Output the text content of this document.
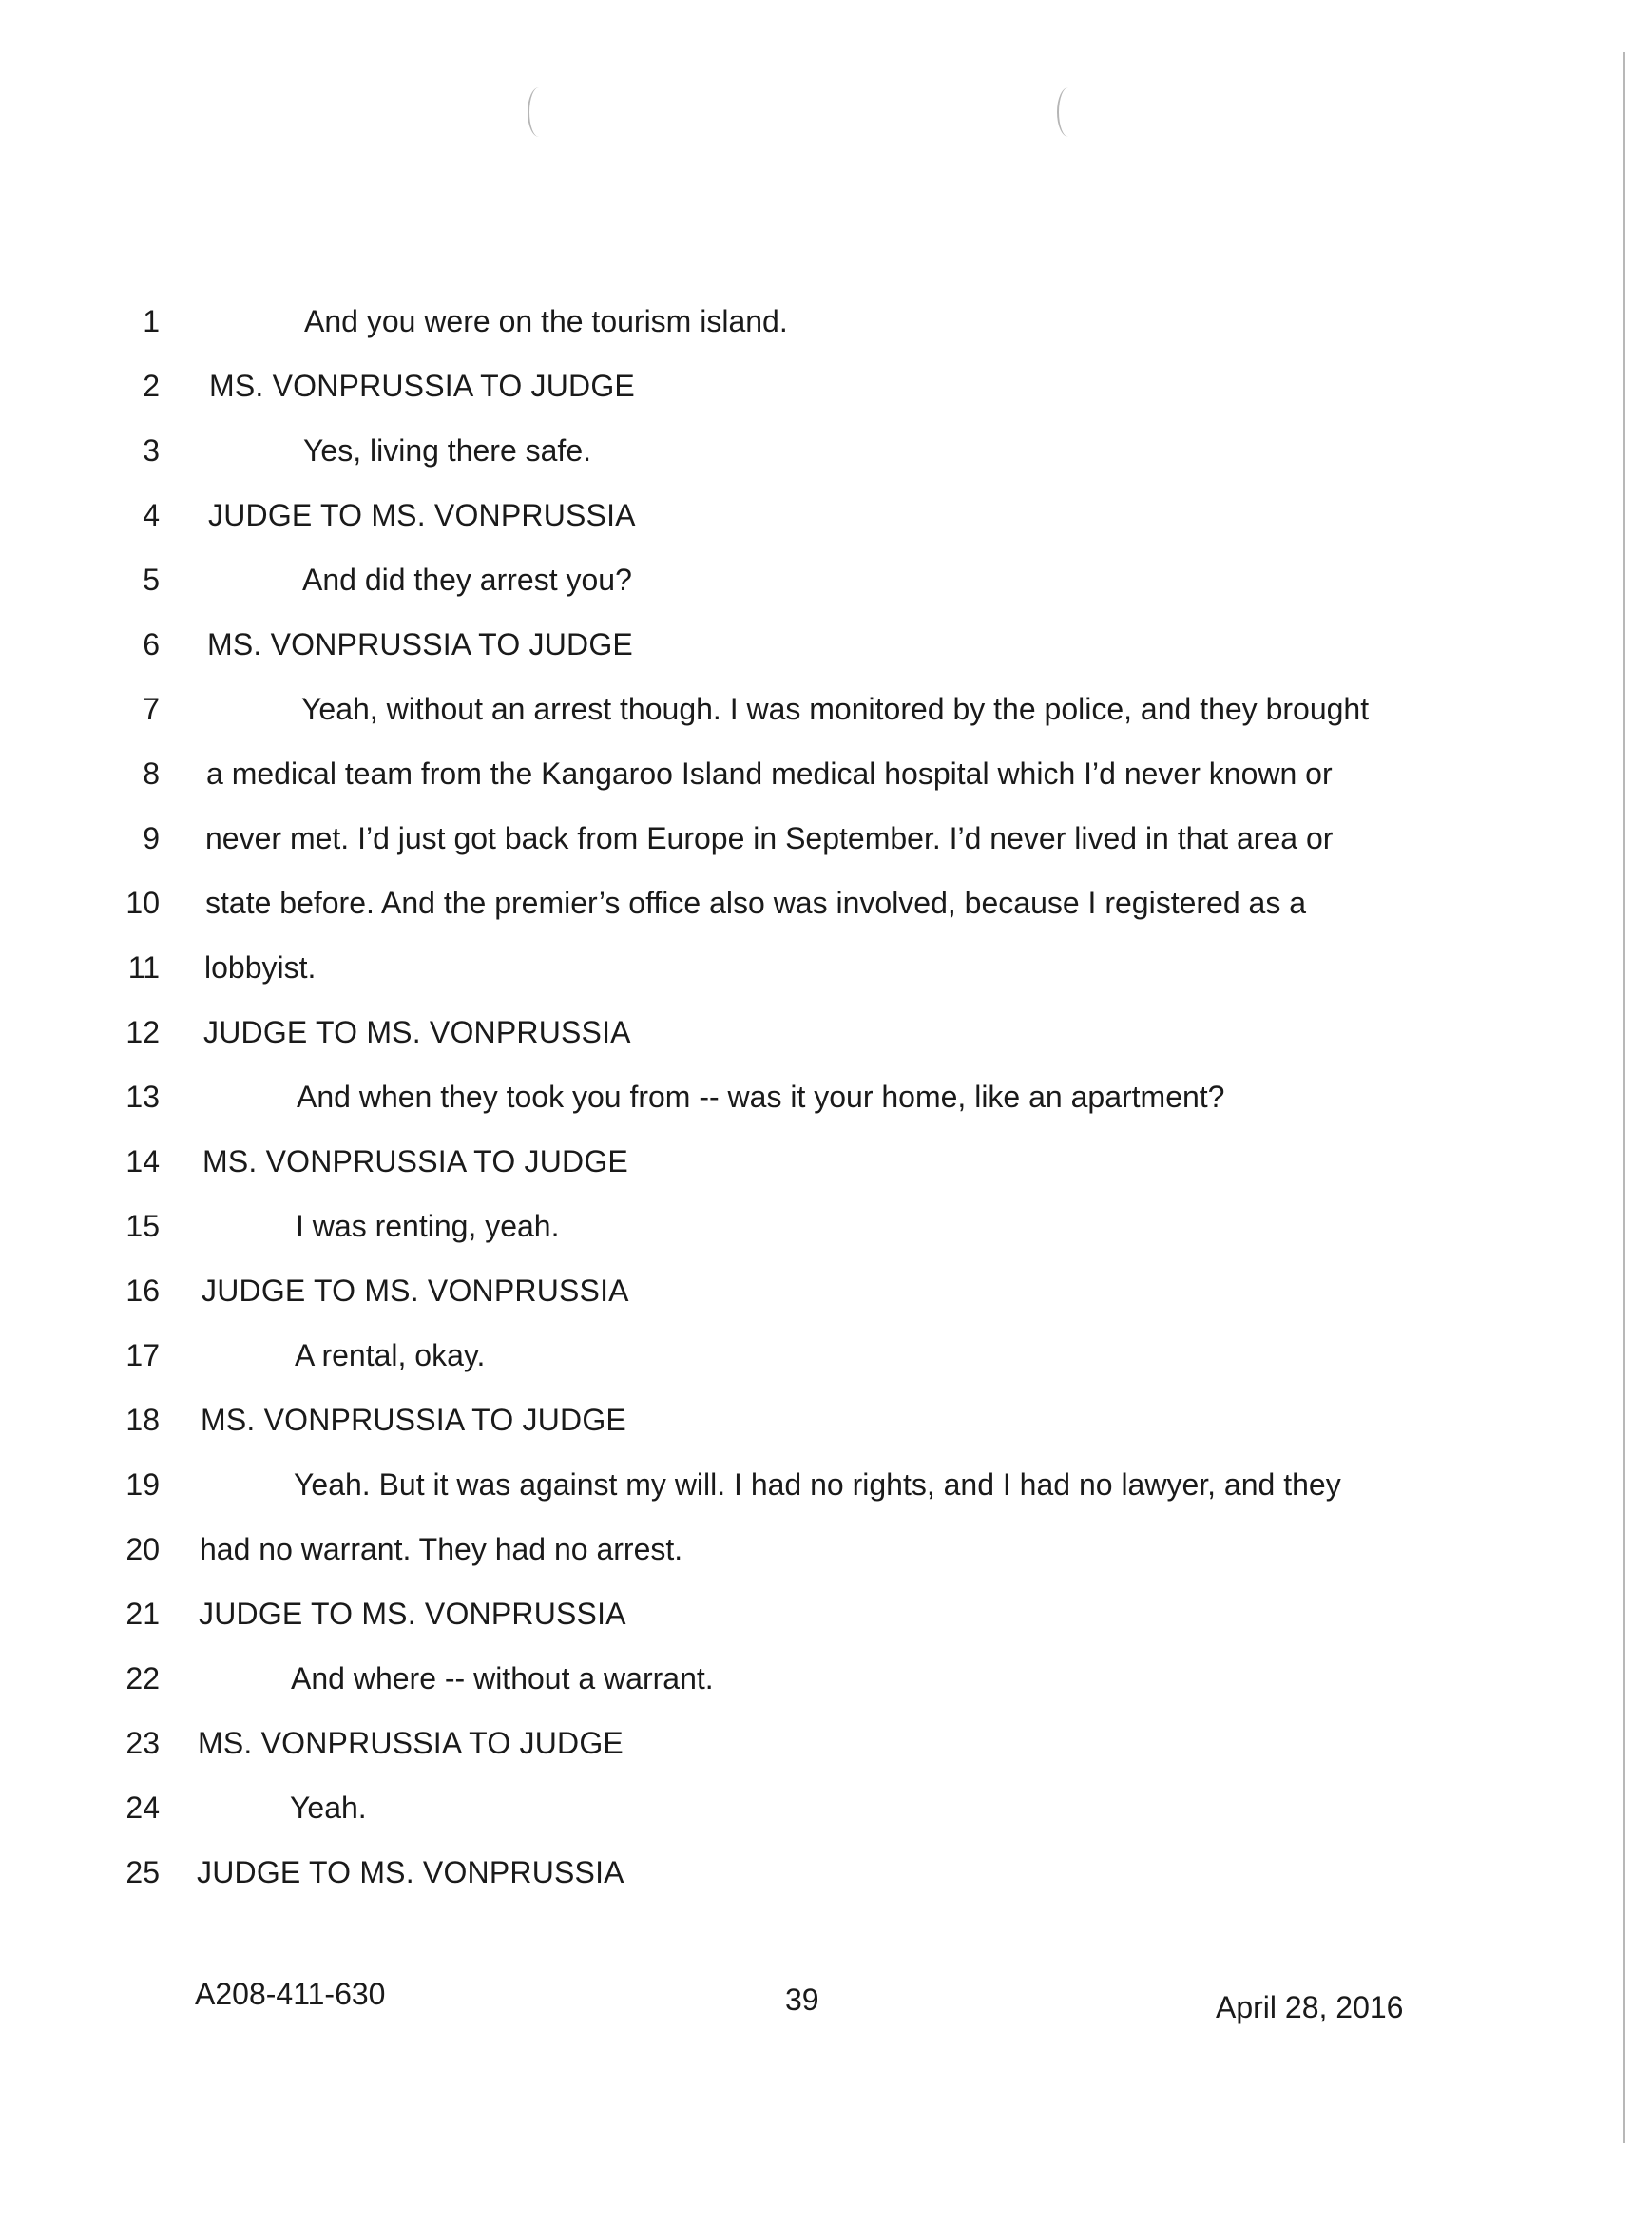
1	And you were on the tourism island.
2 MS. VONPRUSSIA TO JUDGE
3	Yes, living there safe.
4 JUDGE TO MS. VONPRUSSIA
5	And did they arrest you?
6 MS. VONPRUSSIA TO JUDGE
7	Yeah, without an arrest though. I was monitored by the police, and they brought
8 a medical team from the Kangaroo Island medical hospital which I’d never known or
9 never met. I’d just got back from Europe in September. I’d never lived in that area or
10 state before. And the premier’s office also was involved, because I registered as a
11 lobbyist.
12 JUDGE TO MS. VONPRUSSIA
13	And when they took you from -- was it your home, like an apartment?
14 MS. VONPRUSSIA TO JUDGE
15	I was renting, yeah.
16 JUDGE TO MS. VONPRUSSIA
17	A rental, okay.
18 MS. VONPRUSSIA TO JUDGE
19	Yeah. But it was against my will. I had no rights, and I had no lawyer, and they
20 had no warrant. They had no arrest.
21 JUDGE TO MS. VONPRUSSIA
22	And where -- without a warrant.
23 MS. VONPRUSSIA TO JUDGE
24	Yeah.
25 JUDGE TO MS. VONPRUSSIA
A208-411-630	39	April 28, 2016
